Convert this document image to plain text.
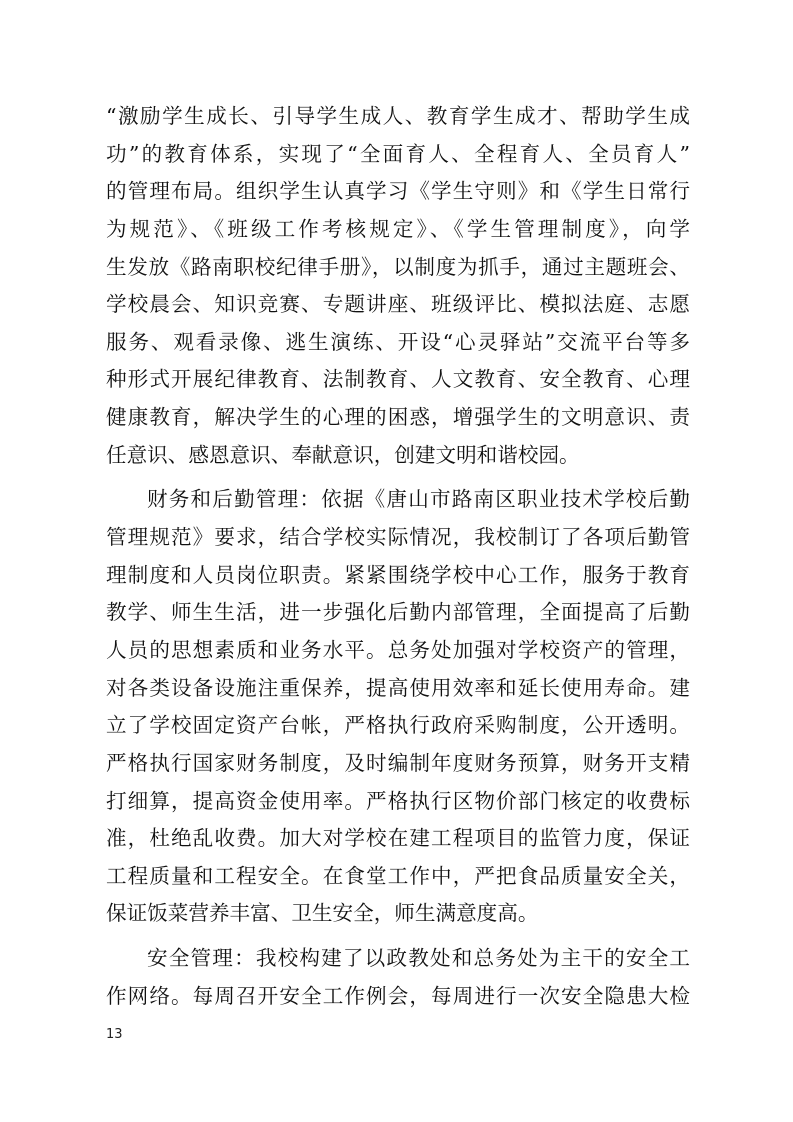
“激励学生成长、引导学生成人、教育学生成才、帮助学生成
功”的教育体系，实现了“全面育人、全程育人、全员育人”
的管理布局。组织学生认真学习《学生守则》和《学生日常行
为规范》、《班级工作考核规定》、《学生管理制度》，向学
生发放《路南职校纪律手册》，以制度为抓手，通过主题班会、
学校晨会、知识竞赛、专题讲座、班级评比、模拟法庭、志愿
服务、观看录像、逃生演练、开设“心灵驿站”交流平台等多
种形式开展纪律教育、法制教育、人文教育、安全教育、心理
健康教育，解决学生的心理的困惑，增强学生的文明意识、责
任意识、感恩意识、奉献意识，创建文明和谐校园。
财务和后勤管理：依据《唐山市路南区职业技术学校后勤
管理规范》要求，结合学校实际情况，我校制订了各项后勤管
理制度和人员岗位职责。紧紧围绕学校中心工作，服务于教育
教学、师生生活，进一步强化后勤内部管理，全面提高了后勤
人员的思想素质和业务水平。总务处加强对学校资产的管理，
对各类设备设施注重保养，提高使用效率和延长使用寿命。建
立了学校固定资产台帐，严格执行政府采购制度，公开透明。
严格执行国家财务制度，及时编制年度财务预算，财务开支精
打细算，提高资金使用率。严格执行区物价部门核定的收费标
准，杜绝乱收费。加大对学校在建工程项目的监管力度，保证
工程质量和工程安全。在食堂工作中，严把食品质量安全关，
保证饭菜营养丰富、卫生安全，师生满意度高。
安全管理：我校构建了以政教处和总务处为主干的安全工
作网络。每周召开安全工作例会，每周进行一次安全隐患大检
13
